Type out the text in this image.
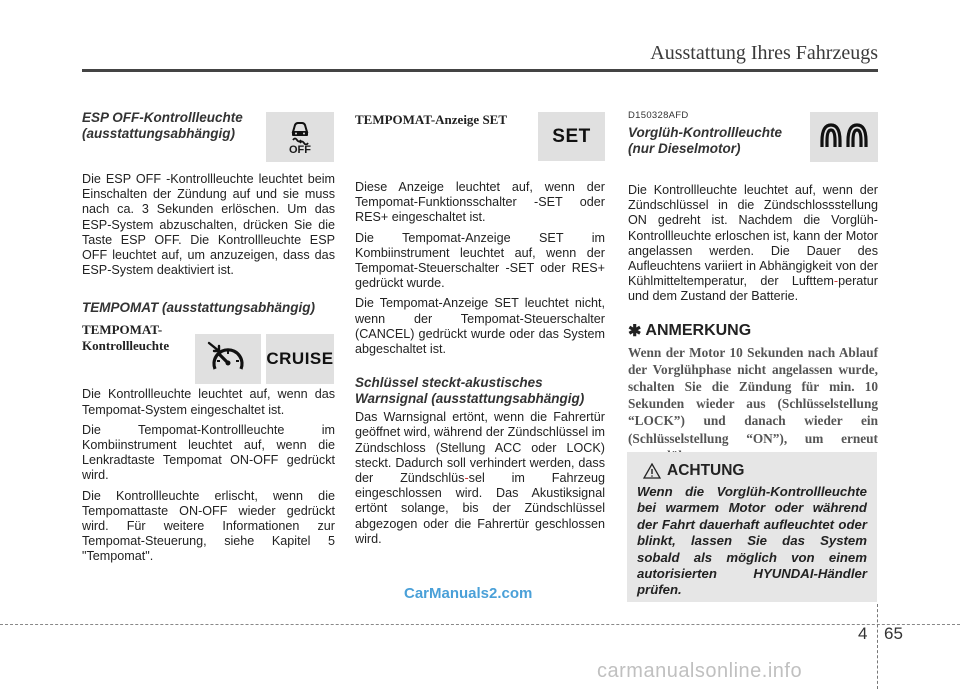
Ausstattung Ihres Fahrzeugs
ESP OFF-Kontrollleuchte
(ausstattungsabhängig)
Die ESP OFF -Kontrollleuchte leuchtet beim Einschalten der Zündung auf und sie muss nach ca. 3 Sekunden erlöschen. Um das ESP-System abzuschalten, drücken Sie die Taste ESP OFF. Die Kontrollleuchte ESP OFF leuchtet auf, um anzuzeigen, dass das ESP-System deaktiviert ist.
TEMPOMAT (ausstattungsabhängig)
TEMPOMAT-
Kontrollleuchte
Die Kontrollleuchte leuchtet auf, wenn das Tempomat-System eingeschaltet ist.
Die Tempomat-Kontrollleuchte im Kombiinstrument leuchtet auf, wenn die Lenkradtaste Tempomat ON-OFF gedrückt wird.
Die Kontrollleuchte erlischt, wenn die Tempomattaste ON-OFF wieder gedrückt wird. Für weitere Informationen zur Tempomat-Steuerung, siehe Kapitel 5 "Tempomat".
OFF
CRUISE
TEMPOMAT-Anzeige SET
Diese Anzeige leuchtet auf, wenn der Tempomat-Funktionsschalter -SET oder RES+ eingeschaltet ist.
Die Tempomat-Anzeige SET im Kombiinstrument leuchtet auf, wenn der Tempomat-Steuerschalter -SET oder RES+ gedrückt wurde.
Die Tempomat-Anzeige SET leuchtet nicht, wenn der Tempomat-Steuerschalter (CANCEL) gedrückt wurde oder das System abgeschaltet ist.
Schlüssel steckt-akustisches
Warnsignal (ausstattungsabhängig)
Das Warnsignal ertönt, wenn die Fahrertür geöffnet wird, während der Zündschlüssel im Zündschloss (Stellung ACC oder LOCK) steckt. Dadurch soll verhindert werden, dass der Zündschlüs-sel im Fahrzeug eingeschlossen wird. Das Akustiksignal ertönt solange, bis der Zündschlüssel abgezogen oder die Fahrertür geschlossen wird.
SET
D150328AFD
Vorglüh-Kontrollleuchte
(nur Dieselmotor)
Die Kontrollleuchte leuchtet auf, wenn der Zündschlüssel in die Zündschlossstellung ON gedreht ist. Nachdem die Vorglüh-Kontrollleuchte erloschen ist, kann der Motor angelassen werden. Die Dauer des Aufleuchtens variiert in Abhängigkeit von der Kühlmitteltemperatur, der Lufttem-peratur und dem Zustand der Batterie.
✱ ANMERKUNG
Wenn der Motor 10 Sekunden nach Ablauf der Vorglühphase nicht angelassen wurde, schalten Sie die Zündung für min. 10 Sekunden wieder aus (Schlüsselstellung “LOCK”) und danach wieder ein (Schlüsselstellung “ON”), um erneut
ACHTUNG
Wenn die Vorglüh-Kontrollleuchte bei warmem Motor oder während der Fahrt dauerhaft aufleuchtet oder blinkt, lassen Sie das System sobald als möglich von einem autorisierten HYUNDAI-Händler prüfen.
CarManuals2.com
4 65
carmanualsonline.info
